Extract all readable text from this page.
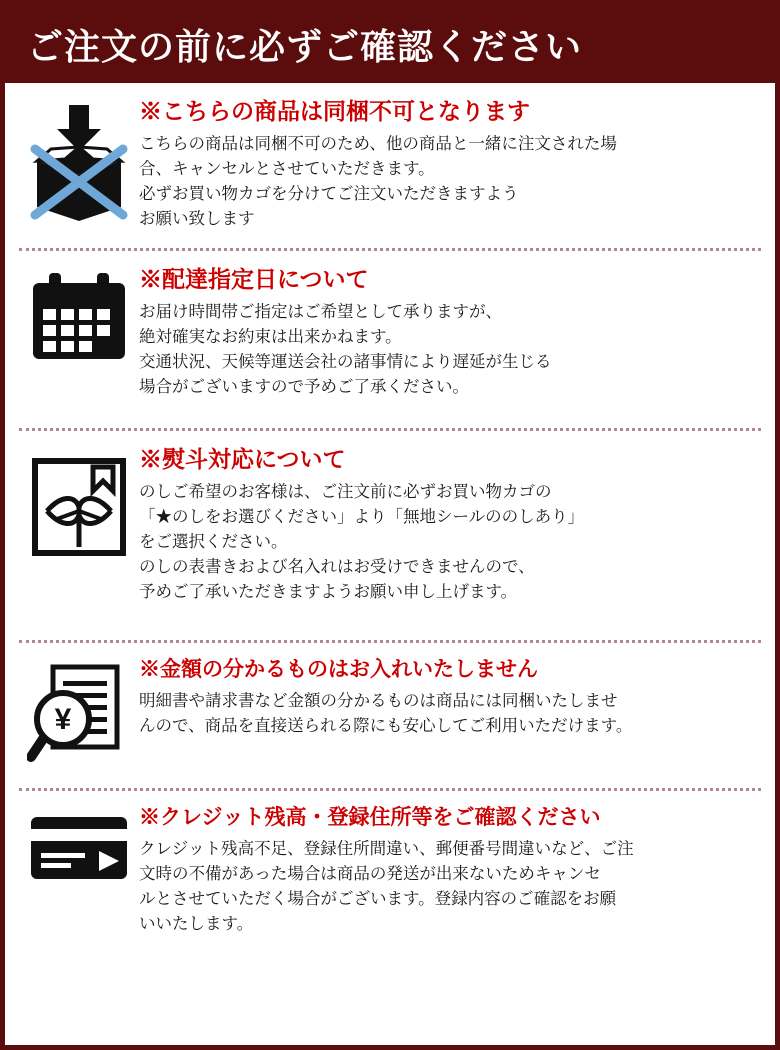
ご注文の前に必ずご確認ください
※こちらの商品は同梱不可となります
こちらの商品は同梱不可のため、他の商品と一緒に注文された場
合、キャンセルとさせていただきます。
必ずお買い物カゴを分けてご注文いただきますよう
お願い致します
※配達指定日について
お届け時間帯ご指定はご希望として承りますが、
絶対確実なお約束は出来かねます。
交通状況、天候等運送会社の諸事情により遅延が生じる
場合がございますので予めご了承ください。
※熨斗対応について
のしご希望のお客様は、ご注文前に必ずお買い物カゴの
「★のしをお選びください」より「無地シールののしあり」
をご選択ください。
のしの表書きおよび名入れはお受けできませんので、
予めご了承いただきますようお願い申し上げます。
¥
※金額の分かるものはお入れいたしません
明細書や請求書など金額の分かるものは商品には同梱いたしませ
んので、商品を直接送られる際にも安心してご利用いただけます。
※クレジット残高・登録住所等をご確認ください
クレジット残高不足、登録住所間違い、郵便番号間違いなど、ご注
文時の不備があった場合は商品の発送が出来ないためキャンセ
ルとさせていただく場合がございます。登録内容のご確認をお願
いいたします。
